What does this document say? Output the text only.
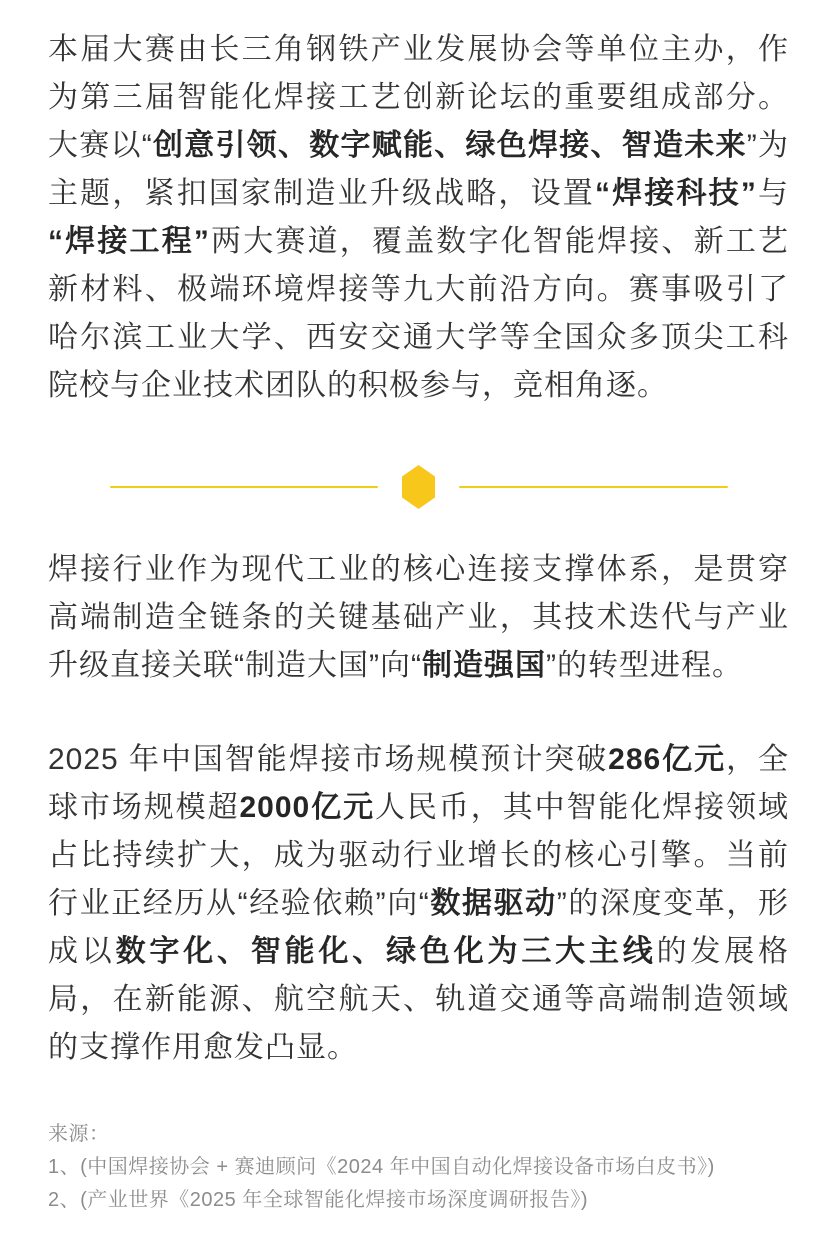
本届大赛由长三角钢铁产业发展协会等单位主办，作为第三届智能化焊接工艺创新论坛的重要组成部分。大赛以“创意引领、数字赋能、绿色焊接、智造未来”为主题，紧扣国家制造业升级战略，设置“焊接科技”与“焊接工程”两大赛道，覆盖数字化智能焊接、新工艺新材料、极端环境焊接等九大前沿方向。赛事吸引了哈尔滨工业大学、西安交通大学等全国众多顶尖工科院校与企业技术团队的积极参与，竞相角逐。

焊接行业作为现代工业的核心连接支撑体系，是贯穿高端制造全链条的关键基础产业，其技术迭代与产业升级直接关联“制造大国”向“制造强国”的转型进程。

2025 年中国智能焊接市场规模预计突破286亿元，全球市场规模超2000亿元人民币，其中智能化焊接领域占比持续扩大，成为驱动行业增长的核心引擎。当前行业正经历从“经验依赖”向“数据驱动”的深度变革，形成以数字化、智能化、绿色化为三大主线的发展格局，在新能源、航空航天、轨道交通等高端制造领域的支撑作用愈发凸显。

来源：
1、(中国焊接协会 + 赛迪顾问《2024 年中国自动化焊接设备市场白皮书》)
2、(产业世界《2025 年全球智能化焊接市场深度调研报告》)
